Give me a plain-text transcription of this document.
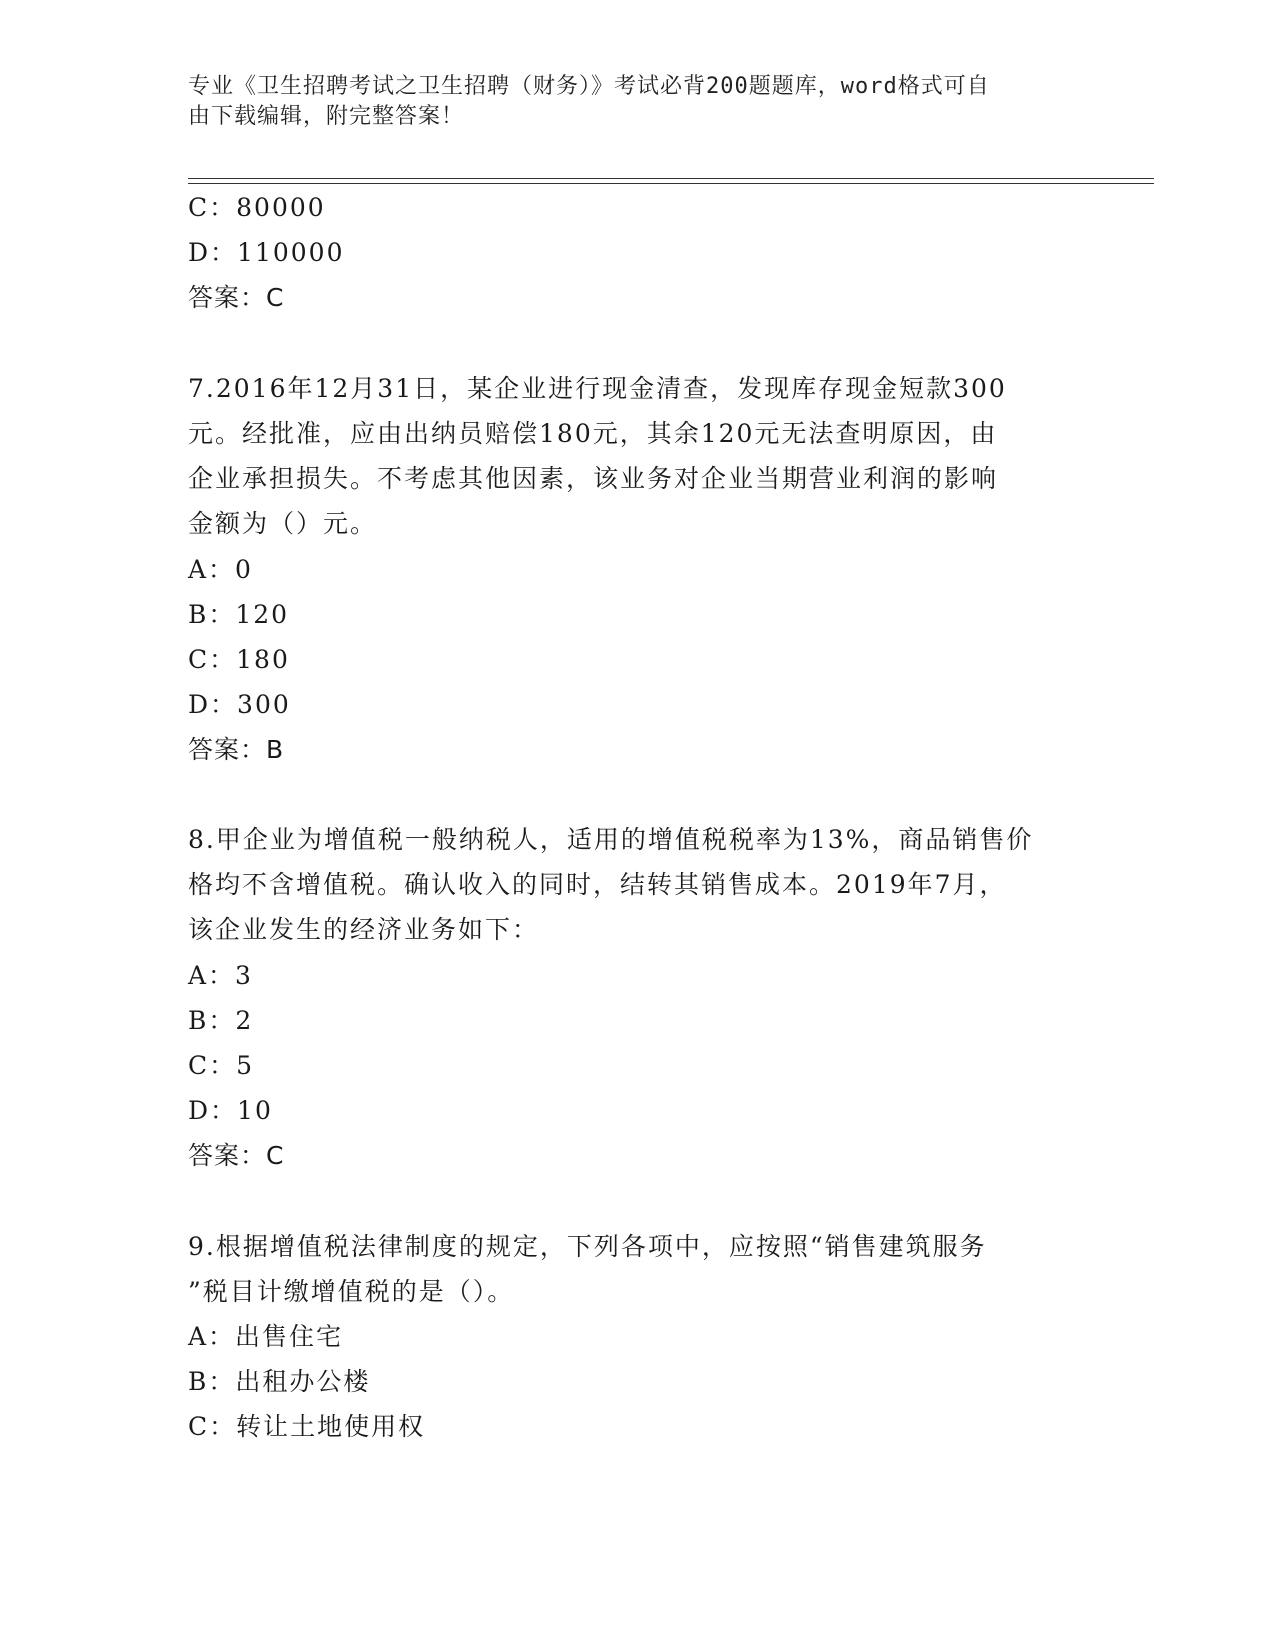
专业《卫生招聘考试之卫生招聘（财务）》考试必背200题题库，word格式可自
由下载编辑，附完整答案！
C：80000
D：110000
答案：C
7.2016年12月31日，某企业进行现金清查，发现库存现金短款300
元。经批准，应由出纳员赔偿180元，其余120元无法查明原因，由
企业承担损失。不考虑其他因素，该业务对企业当期营业利润的影响
金额为（）元。
A：0
B：120
C：180
D：300
答案：B
8.甲企业为增值税一般纳税人，适用的增值税税率为13%，商品销售价
格均不含增值税。确认收入的同时，结转其销售成本。2019年7月，
该企业发生的经济业务如下：
A：3
B：2
C：5
D：10
答案：C
9.根据增值税法律制度的规定，下列各项中，应按照“销售建筑服务
”税目计缴增值税的是（）。
A：出售住宅
B：出租办公楼
C：转让土地使用权
